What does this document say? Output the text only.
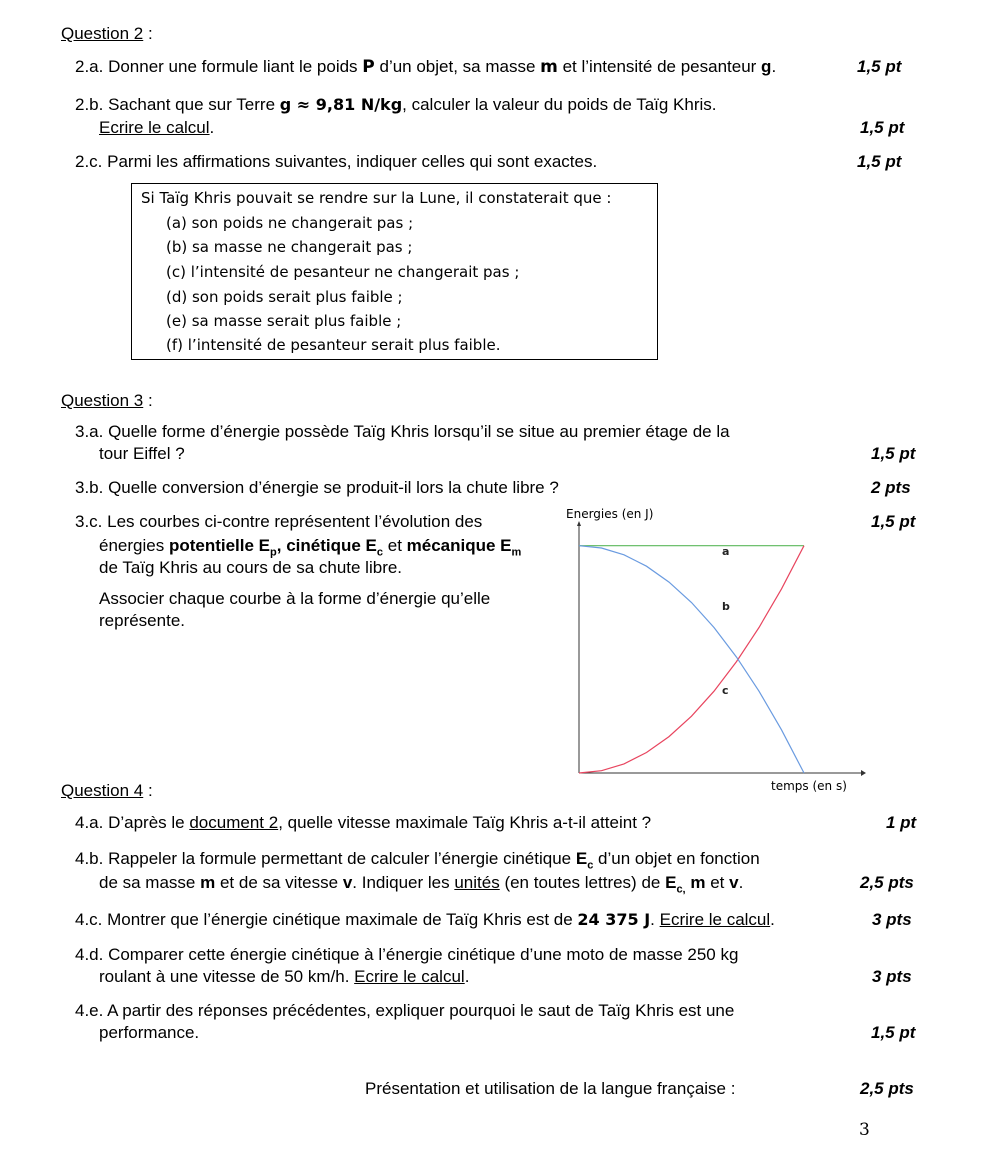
Question 2 :
2.a. Donner une formule liant le poids P d’un objet, sa masse m et l’intensité de pesanteur g.	1,5 pt
2.b. Sachant que sur Terre g ≈ 9,81 N/kg, calculer la valeur du poids de Taïg Khris.
Ecrire le calcul.	1,5 pt
2.c. Parmi les affirmations suivantes, indiquer celles qui sont exactes.	1,5 pt
Si Taïg Khris pouvait se rendre sur la Lune, il constaterait que :
(a) son poids ne changerait pas ;
(b) sa masse ne changerait pas ;
(c) l’intensité de pesanteur ne changerait pas ;
(d) son poids serait plus faible ;
(e) sa masse serait plus faible ;
(f) l’intensité de pesanteur serait plus faible.
Question 3 :
3.a. Quelle forme d’énergie possède Taïg Khris lorsqu’il se situe au premier étage de la
tour Eiffel ?	1,5 pt
3.b. Quelle conversion d’énergie se produit-il lors la chute libre ?	2 pts
3.c. Les courbes ci-contre représentent l’évolution des	1,5 pt
énergies potentielle $E_p$, cinétique $E_c$ et mécanique $E_m$
de Taïg Khris au cours de sa chute libre.
Associer chaque courbe à la forme d’énergie qu’elle
représente.
Energies (en J)
temps (en s)
a
b
c
Question 4 :
4.a. D’après le document 2, quelle vitesse maximale Taïg Khris a-t-il atteint ?	1 pt
4.b. Rappeler la formule permettant de calculer l’énergie cinétique $E_c$ d’un objet en fonction
de sa masse m et de sa vitesse v. Indiquer les unités (en toutes lettres) de $E_{c,}$ m et v.	2,5 pts
4.c. Montrer que l’énergie cinétique maximale de Taïg Khris est de 24 375 J. Ecrire le calcul.	3 pts
4.d. Comparer cette énergie cinétique à l’énergie cinétique d’une moto de masse 250 kg
roulant à une vitesse de 50 km/h. Ecrire le calcul.	3 pts
4.e. A partir des réponses précédentes, expliquer pourquoi le saut de Taïg Khris est une
performance.	1,5 pt
Présentation et utilisation de la langue française :	2,5 pts
3
